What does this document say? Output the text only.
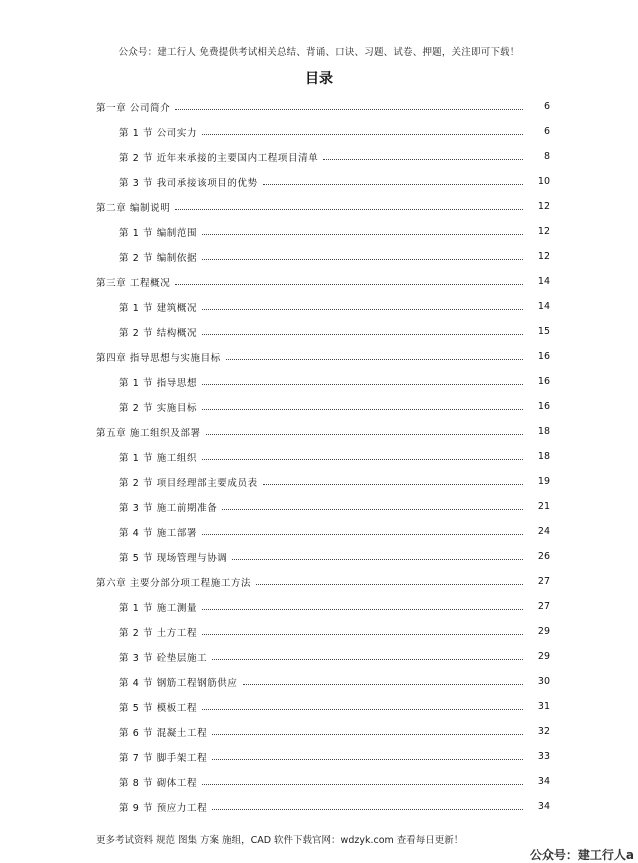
公众号：建工行人 免费提供考试相关总结、背诵、口诀、习题、试卷、押题，关注即可下载！
目录
第一章 公司简介	6
第 1 节 公司实力	6
第 2 节 近年来承接的主要国内工程项目清单	8
第 3 节 我司承接该项目的优势	10
第二章 编制说明	12
第 1 节 编制范围	12
第 2 节 编制依据	12
第三章 工程概况	14
第 1 节 建筑概况	14
第 2 节 结构概况	15
第四章 指导思想与实施目标	16
第 1 节 指导思想	16
第 2 节 实施目标	16
第五章 施工组织及部署	18
第 1 节 施工组织	18
第 2 节 项目经理部主要成员表	19
第 3 节 施工前期准备	21
第 4 节 施工部署	24
第 5 节 现场管理与协调	26
第六章 主要分部分项工程施工方法	27
第 1 节 施工测量	27
第 2 节 土方工程	29
第 3 节 砼垫层施工	29
第 4 节 钢筋工程钢筋供应	30
第 5 节 模板工程	31
第 6 节 混凝土工程	32
第 7 节 脚手架工程	33
第 8 节 砌体工程	34
第 9 节 预应力工程	34
更多考试资料 规范 图集 方案 施组，CAD 软件下载官网：wdzyk.com 查看每日更新！
公众号：建工行人a
